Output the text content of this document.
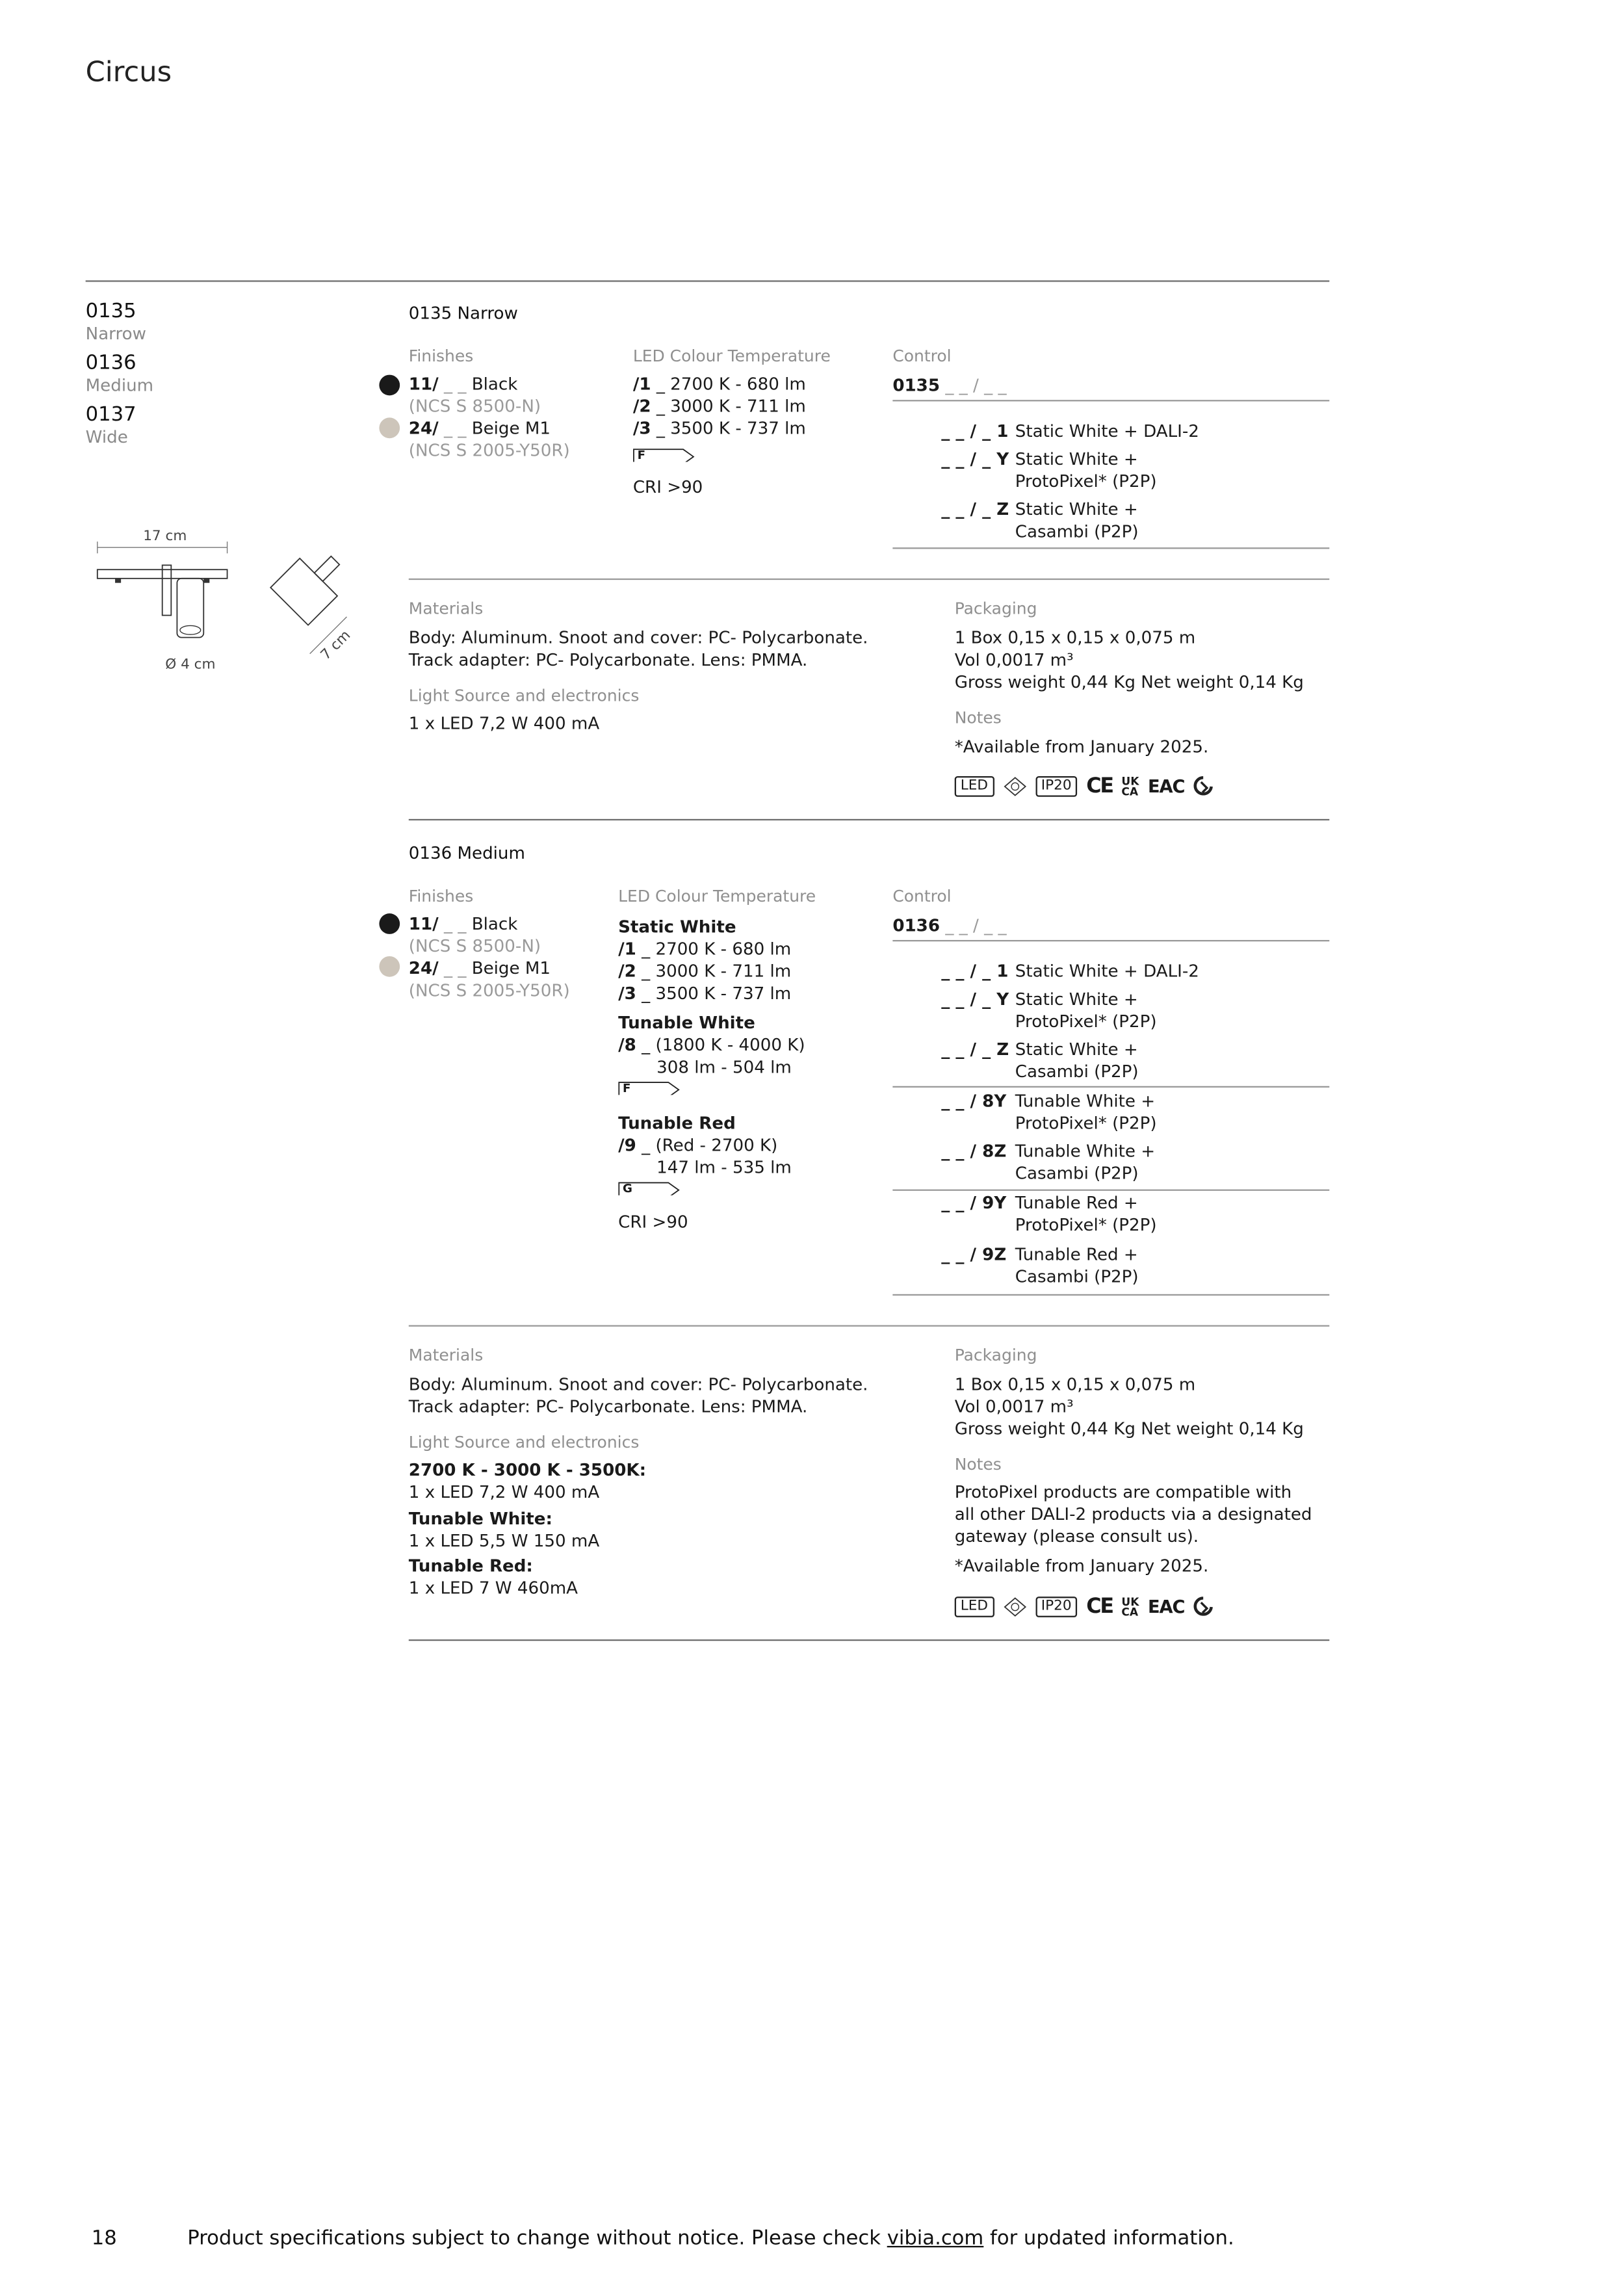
Circus
0135
Narrow
0136
Medium
0137
Wide
17 cm
Ø 4 cm
7 cm
0135 Narrow
Finishes
11/ _ _ Black
(NCS S 8500-N)
24/ _ _ Beige M1
(NCS S 2005-Y50R)
LED Colour Temperature
/1 _ 2700 K - 680 lm
/2 _ 3000 K - 711 lm
/3 _ 3500 K - 737 lm
F
CRI >90
Control
0135 _ _ / _ _
_ _ / _ 1 Static White + DALI-2
_ _ / _ Y Static White +
ProtoPixel* (P2P)
_ _ / _ Z Static White +
Casambi (P2P)
Materials
Body: Aluminum. Snoot and cover: PC- Polycarbonate.
Track adapter: PC- Polycarbonate. Lens: PMMA.
Light Source and electronics
1 x LED 7,2 W 400 mA
Packaging
1 Box 0,15 x 0,15 x 0,075 m
Vol 0,0017 m³
Gross weight 0,44 Kg Net weight 0,14 Kg
Notes
*Available from January 2025.
LED	IP20	CE UK
CA EAC
0136 Medium
Finishes
11/ _ _ Black
(NCS S 8500-N)
24/ _ _ Beige M1
(NCS S 2005-Y50R)
LED Colour Temperature
Static White
/1 _ 2700 K - 680 lm
/2 _ 3000 K - 711 lm
/3 _ 3500 K - 737 lm
Tunable White
/8 _ (1800 K - 4000 K)
308 lm - 504 lm
F
Tunable Red
/9 _ (Red - 2700 K)
147 lm - 535 lm
G
CRI >90
Control
0136 _ _ / _ _
_ _ / _ 1 Static White + DALI-2
_ _ / _ Y Static White +
ProtoPixel* (P2P)
_ _ / _ Z Static White +
Casambi (P2P)
_ _ / 8Y Tunable White +
ProtoPixel* (P2P)
_ _ / 8Z Tunable White +
Casambi (P2P)
_ _ / 9Y Tunable Red +
ProtoPixel* (P2P)
_ _ / 9Z Tunable Red +
Casambi (P2P)
Materials
Body: Aluminum. Snoot and cover: PC- Polycarbonate.
Track adapter: PC- Polycarbonate. Lens: PMMA.
Light Source and electronics
2700 K - 3000 K - 3500K:
1 x LED 7,2 W 400 mA
Tunable White:
1 x LED 5,5 W 150 mA
Tunable Red:
1 x LED 7 W 460mA
Packaging
1 Box 0,15 x 0,15 x 0,075 m
Vol 0,0017 m³
Gross weight 0,44 Kg Net weight 0,14 Kg
Notes
ProtoPixel products are compatible with
all other DALI-2 products via a designated
gateway (please consult us).
*Available from January 2025.
LED	IP20	CE UK
CA EAC
18	Product specifications subject to change without notice. Please check vibia.com for updated information.
